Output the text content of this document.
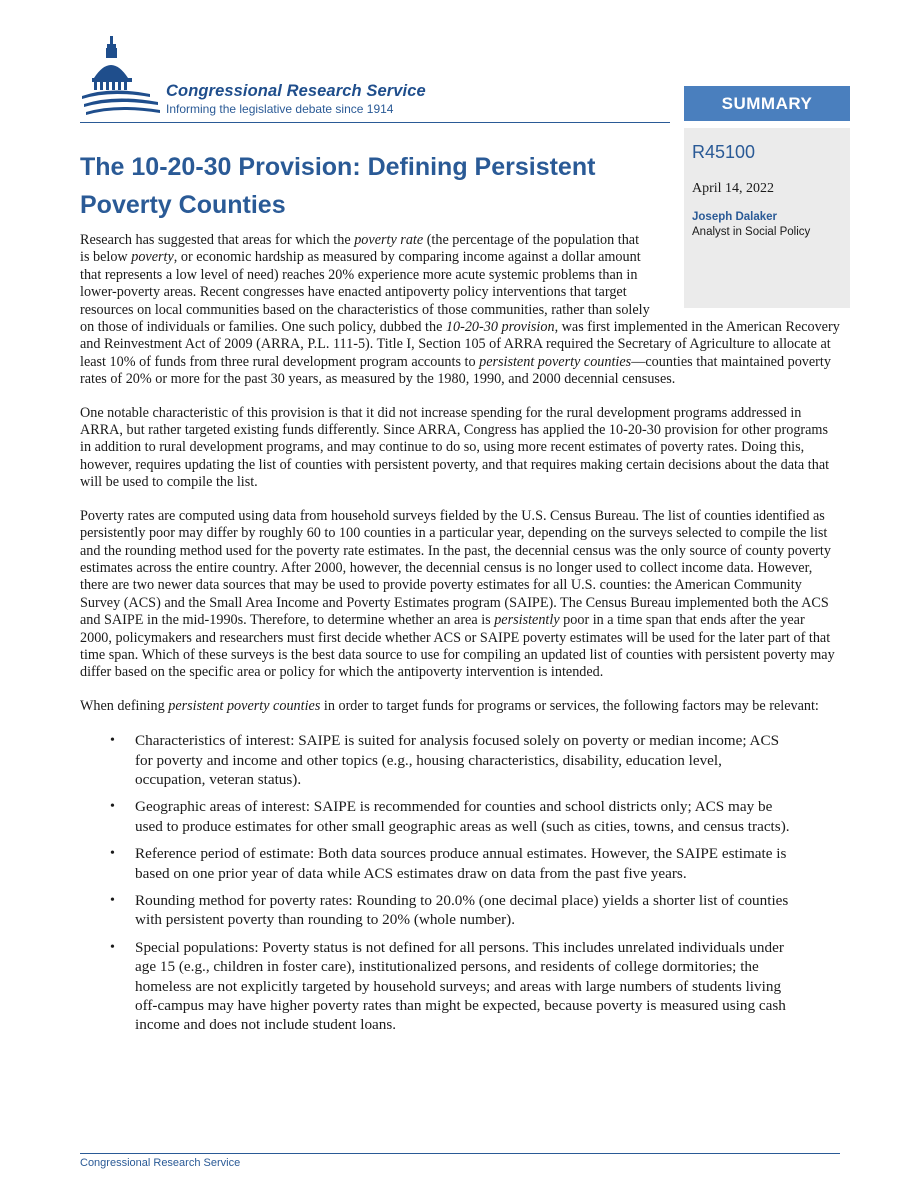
Congressional Research Service
Informing the legislative debate since 1914	SUMMARY

R45100

April 14, 2022

Joseph Dalaker

Analyst in Social Policy

The 10-20-30 Provision: Defining Persistent Poverty Counties

Research has suggested that areas for which the poverty rate (the percentage of the population that is below poverty, or economic hardship as measured by comparing income against a dollar amount that represents a low level of need) reaches 20% experience more acute systemic problems than in lower-poverty areas. Recent congresses have enacted antipoverty policy interventions that target resources on local communities based on the characteristics of those communities, rather than solely on those of individuals or families. One such policy, dubbed the 10-20-30 provision, was first implemented in the American Recovery and Reinvestment Act of 2009 (ARRA, P.L. 111-5). Title I, Section 105 of ARRA required the Secretary of Agriculture to allocate at least 10% of funds from three rural development program accounts to persistent poverty counties—counties that maintained poverty rates of 20% or more for the past 30 years, as measured by the 1980, 1990, and 2000 decennial censuses.

One notable characteristic of this provision is that it did not increase spending for the rural development programs addressed in ARRA, but rather targeted existing funds differently. Since ARRA, Congress has applied the 10-20-30 provision for other programs in addition to rural development programs, and may continue to do so, using more recent estimates of poverty rates. Doing this, however, requires updating the list of counties with persistent poverty, and that requires making certain decisions about the data that will be used to compile the list.

Poverty rates are computed using data from household surveys fielded by the U.S. Census Bureau. The list of counties identified as persistently poor may differ by roughly 60 to 100 counties in a particular year, depending on the surveys selected to compile the list and the rounding method used for the poverty rate estimates. In the past, the decennial census was the only source of county poverty estimates across the entire country. After 2000, however, the decennial census is no longer used to collect income data. However, there are two newer data sources that may be used to provide poverty estimates for all U.S. counties: the American Community Survey (ACS) and the Small Area Income and Poverty Estimates program (SAIPE). The Census Bureau implemented both the ACS and SAIPE in the mid-1990s. Therefore, to determine whether an area is persistently poor in a time span that ends after the year 2000, policymakers and researchers must first decide whether ACS or SAIPE poverty estimates will be used for the later part of that time span. Which of these surveys is the best data source to use for compiling an updated list of counties with persistent poverty may differ based on the specific area or policy for which the antipoverty intervention is intended.

When defining persistent poverty counties in order to target funds for programs or services, the following factors may be relevant:

• Characteristics of interest: SAIPE is suited for analysis focused solely on poverty or median income; ACS for poverty and income and other topics (e.g., housing characteristics, disability, education level, occupation, veteran status).
• Geographic areas of interest: SAIPE is recommended for counties and school districts only; ACS may be used to produce estimates for other small geographic areas as well (such as cities, towns, and census tracts).
• Reference period of estimate: Both data sources produce annual estimates. However, the SAIPE estimate is based on one prior year of data while ACS estimates draw on data from the past five years.
• Rounding method for poverty rates: Rounding to 20.0% (one decimal place) yields a shorter list of counties with persistent poverty than rounding to 20% (whole number).
• Special populations: Poverty status is not defined for all persons. This includes unrelated individuals under age 15 (e.g., children in foster care), institutionalized persons, and residents of college dormitories; the homeless are not explicitly targeted by household surveys; and areas with large numbers of students living off-campus may have higher poverty rates than might be expected, because poverty is measured using cash income and does not include student loans.
Congressional Research Service
